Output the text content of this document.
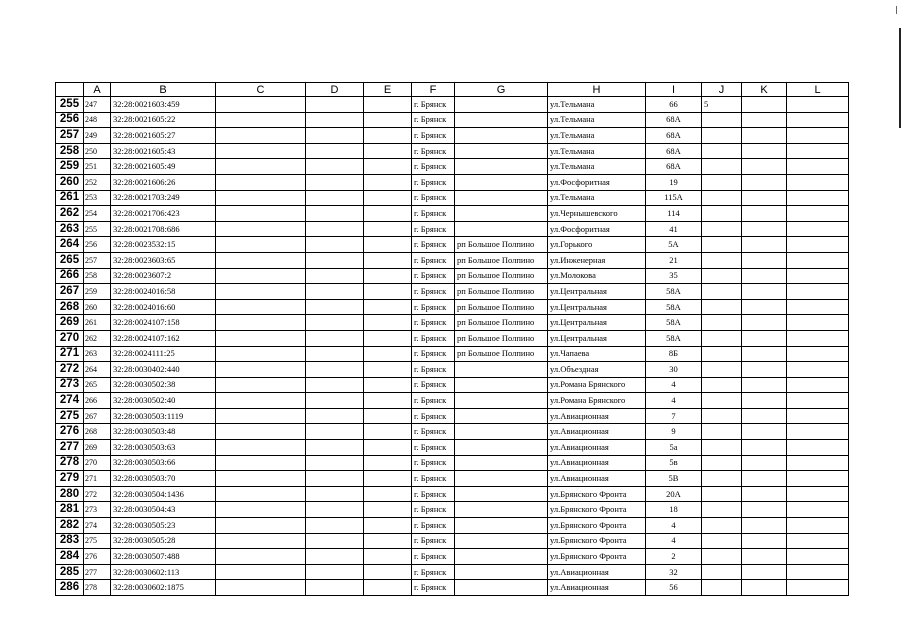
	A	B	C	D	E	F	G	H	I	J	K	L
255	247	32:28:0021603:459				г. Брянск		ул.Тельмана	66	5		
256	248	32:28:0021605:22				г. Брянск		ул.Тельмана	68А			
257	249	32:28:0021605:27				г. Брянск		ул.Тельмана	68А			
258	250	32:28:0021605:43				г. Брянск		ул.Тельмана	68А			
259	251	32:28:0021605:49				г. Брянск		ул.Тельмана	68А			
260	252	32:28:0021606:26				г. Брянск		ул.Фосфоритная	19			
261	253	32:28:0021703:249				г. Брянск		ул.Тельмана	115А			
262	254	32:28:0021706:423				г. Брянск		ул.Чернышевского	114			
263	255	32:28:0021708:686				г. Брянск		ул.Фосфоритная	41			
264	256	32:28:0023532:15				г. Брянск	рп Большое Полпино	ул.Горького	5А			
265	257	32:28:0023603:65				г. Брянск	рп Большое Полпино	ул.Инженерная	21			
266	258	32:28:0023607:2				г. Брянск	рп Большое Полпино	ул.Молокова	35			
267	259	32:28:0024016:58				г. Брянск	рп Большое Полпино	ул.Центральная	58А			
268	260	32:28:0024016:60				г. Брянск	рп Большое Полпино	ул.Центральная	58А			
269	261	32:28:0024107:158				г. Брянск	рп Большое Полпино	ул.Центральная	58А			
270	262	32:28:0024107:162				г. Брянск	рп Большое Полпино	ул.Центральная	58А			
271	263	32:28:0024111:25				г. Брянск	рп Большое Полпино	ул.Чапаева	8Б			
272	264	32:28:0030402:440				г. Брянск		ул.Объездная	30			
273	265	32:28:0030502:38				г. Брянск		ул.Романа Брянского	4			
274	266	32:28:0030502:40				г. Брянск		ул.Романа Брянского	4			
275	267	32:28:0030503:1119				г. Брянск		ул.Авиационная	7			
276	268	32:28:0030503:48				г. Брянск		ул.Авиационная	9			
277	269	32:28:0030503:63				г. Брянск		ул.Авиационная	5а			
278	270	32:28:0030503:66				г. Брянск		ул.Авиационная	5в			
279	271	32:28:0030503:70				г. Брянск		ул.Авиационная	5В			
280	272	32:28:0030504:1436				г. Брянск		ул.Брянского Фронта	20А			
281	273	32:28:0030504:43				г. Брянск		ул.Брянского Фронта	18			
282	274	32:28:0030505:23				г. Брянск		ул.Брянского Фронта	4			
283	275	32:28:0030505:28				г. Брянск		ул.Брянского Фронта	4			
284	276	32:28:0030507:488				г. Брянск		ул.Брянского Фронта	2			
285	277	32:28:0030602:113				г. Брянск		ул.Авиационная	32			
286	278	32:28:0030602:1875				г. Брянск		ул.Авиационная	56			
